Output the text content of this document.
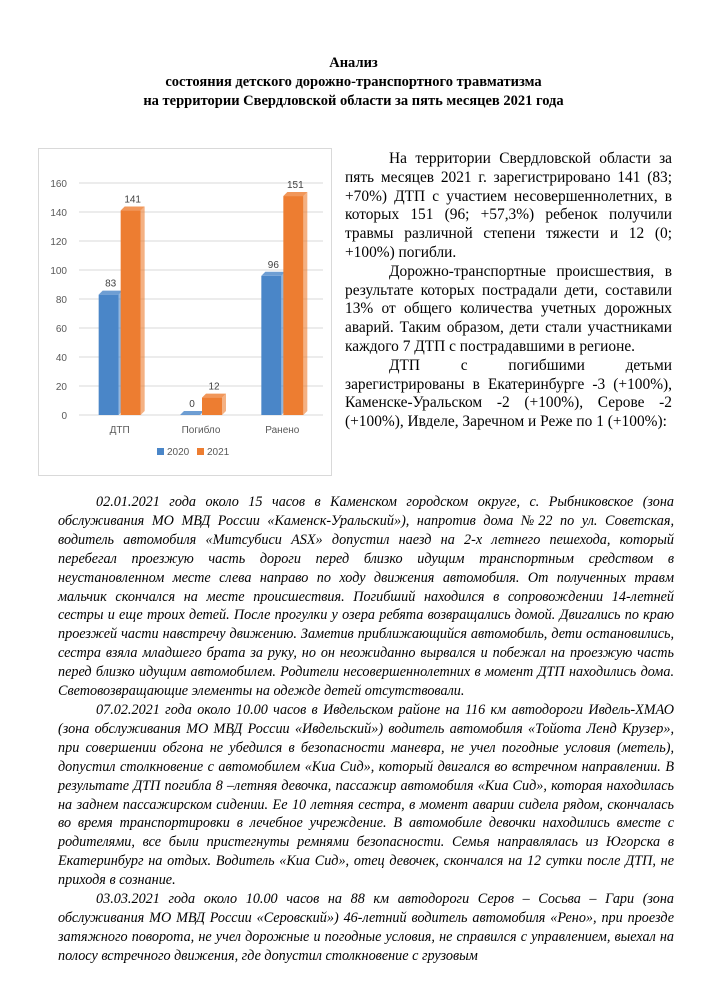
Анализ
состояния детского дорожно-транспортного травматизма
на территории Свердловской области за пять месяцев 2021 года
0
20
40
60
80
100
120
140
160
83
141
ДТП
0
12
Погибло
96
151
Ранено
2020 2021

На территории Свердловской области за пять месяцев 2021 г. зарегистрировано 141 (83; +70%) ДТП с участием несовершеннолетних, в которых 151 (96; +57,3%) ребенок получили травмы различной степени тяжести и 12 (0; +100%) погибли.

Дорожно-транспортные происшествия, в результате которых пострадали дети, составили 13% от общего количества учетных дорожных аварий. Таким образом, дети стали участниками каждого 7 ДТП с пострадавшими в регионе.

ДТП с погибшими детьми зарегистрированы в Екатеринбурге -3 (+100%), Каменске-Уральском -2 (+100%), Серове -2 (+100%), Ивделе, Заречном и Реже по 1 (+100%):

02.01.2021 года около 15 часов в Каменском городском округе, с. Рыбниковское (зона обслуживания МО МВД России «Каменск-Уральский»), напротив дома №22 по ул. Советская, водитель автомобиля «Митсубиси ASX» допустил наезд на 2-х летнего пешехода, который перебегал проезжую часть дороги перед близко идущим транспортным средством в неустановленном месте слева направо по ходу движения автомобиля. От полученных травм мальчик скончался на месте происшествия. Погибший находился в сопровождении 14-летней сестры и еще троих детей. После прогулки у озера ребята возвращались домой. Двигались по краю проезжей части навстречу движению. Заметив приближающийся автомобиль, дети остановились, сестра взяла младшего брата за руку, но он неожиданно вырвался и побежал на проезжую часть перед близко идущим автомобилем. Родители несовершеннолетних в момент ДТП находились дома. Световозвращающие элементы на одежде детей отсутствовали.

07.02.2021 года около 10.00 часов в Ивдельском районе на 116 км автодороги Ивдель-ХМАО (зона обслуживания МО МВД России «Ивдельский») водитель автомобиля «Тойота Ленд Крузер», при совершении обгона не убедился в безопасности маневра, не учел погодные условия (метель), допустил столкновение с автомобилем «Киа Сид», который двигался во встречном направлении. В результате ДТП погибла 8 –летняя девочка, пассажир автомобиля «Киа Сид», которая находилась на заднем пассажирском сидении. Ее 10 летняя сестра, в момент аварии сидела рядом, скончалась во время транспортировки в лечебное учреждение. В автомобиле девочки находились вместе с родителями, все были пристегнуты ремнями безопасности. Семья направлялась из Югорска в Екатеринбург на отдых. Водитель «Киа Сид», отец девочек, скончался на 12 сутки после ДТП, не приходя в сознание.

03.03.2021 года около 10.00 часов на 88 км автодороги Серов – Сосьва – Гари (зона обслуживания МО МВД России «Серовский») 46-летний водитель автомобиля «Рено», при проезде затяжного поворота, не учел дорожные и погодные условия, не справился с управлением, выехал на полосу встречного движения, где допустил столкновение с грузовым
